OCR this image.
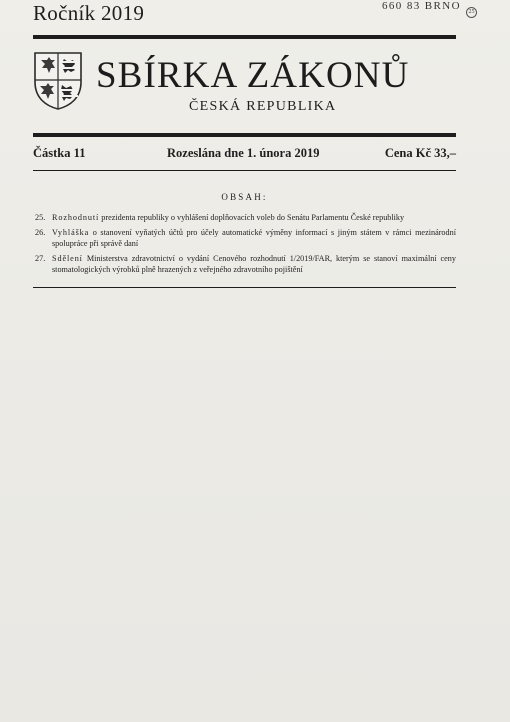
Ročník 2019	660 83 BRNO	25
SBÍRKA ZÁKONŮ
ČESKÁ REPUBLIKA
Částka 11	Rozeslána dne 1. února 2019	Cena Kč 33,–
OBSAH:
25. Rozhodnutí prezidenta republiky o vyhlášení doplňovacích voleb do Senátu Parlamentu České republiky
26. Vyhláška o stanovení vyňatých účtů pro účely automatické výměny informací s jiným státem v rámci mezinárodní spolupráce při správě daní
27. Sdělení Ministerstva zdravotnictví o vydání Cenového rozhodnutí 1/2019/FAR, kterým se stanoví maximální ceny stomatologických výrobků plně hrazených z veřejného zdravotního pojištění
